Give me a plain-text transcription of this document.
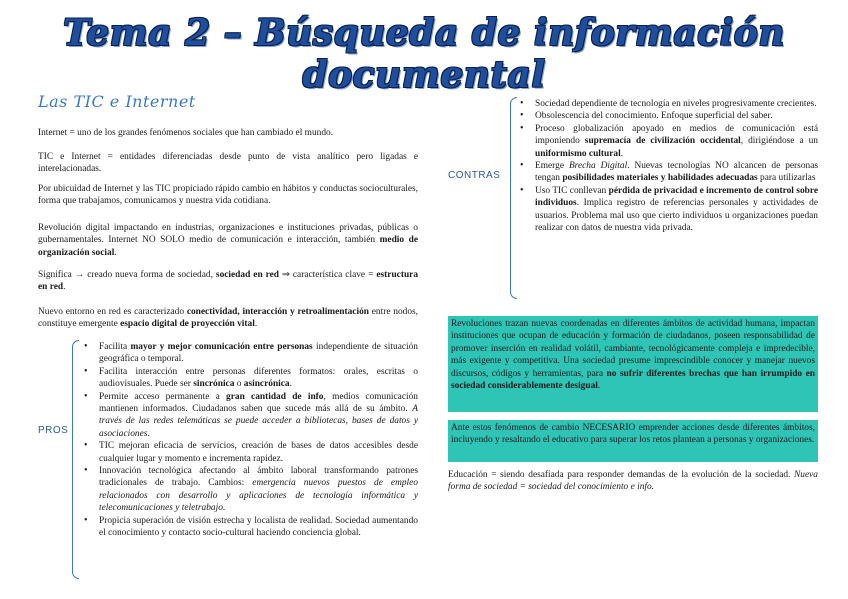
Tema 2 – Búsqueda de información documental
Las TIC e Internet

Internet = uno de los grandes fenómenos sociales que han cambiado el mundo.

TIC e Internet = entidades diferenciadas desde punto de vista analítico pero ligadas e interelacionadas.

Por ubicuidad de Internet y las TIC propiciado rápido cambio en hábitos y conductas socioculturales, forma que trabajamos, comunicamos y nuestra vida cotidiana.

Revolución digital impactando en industrias, organizaciones e instituciones privadas, públicas o gubernamentales. Internet NO SOLO medio de comunicación e interacción, también medio de organización social.

Significa → creado nueva forma de sociedad, sociedad en red ⇒ característica clave = estructura en red.

Nuevo entorno en red es caracterizado conectividad, interacción y retroalimentación entre nodos, constituye emergente espacio digital de proyección vital.

PROS
• Facilita mayor y mejor comunicación entre personas independiente de situación geográfica o temporal.
• Facilita interacción entre personas diferentes formatos: orales, escritas o audiovisuales. Puede ser sincrónica o asincrónica.
• Permite acceso permanente a gran cantidad de info, medios comunicación mantienen informados. Ciudadanos saben que sucede más allá de su ámbito. A través de las redes telemáticas se puede acceder a bibliotecas, bases de datos y asociaciones.
• TIC mejoran eficacia de servicios, creación de bases de datos accesibles desde cualquier lugar y momento e incrementa rapidez.
• Innovación tecnológica afectando al ámbito laboral transformando patrones tradicionales de trabajo. Cambios: emergencia nuevos puestos de empleo relacionados con desarrollo y aplicaciones de tecnología informática y telecomunicaciones y teletrabajo.
• Propicia superación de visión estrecha y localista de realidad. Sociedad aumentando el conocimiento y contacto socio-cultural haciendo conciencia global.
CONTRAS
• Sociedad dependiente de tecnología en niveles progresivamente crecientes.
• Obsolescencia del conocimiento. Enfoque superficial del saber.
• Proceso globalización apoyado en medios de comunicación está imponiendo supremacía de civilización occidental, dirigiéndose a un uniformismo cultural.
• Emerge Brecha Digital. Nuevas tecnologías NO alcancen de personas tengan posibilidades materiales y habilidades adecuadas para utilizarlas
• Uso TIC conllevan pérdida de privacidad e incremento de control sobre individuos. Implica registro de referencias personales y actividades de usuarios. Problema mal uso que cierto individuos u organizaciones puedan realizar con datos de nuestra vida privada.
Revoluciones trazan nuevas coordenadas en diferentes ámbitos de actividad humana, impactan instituciones que ocupan de educación y formación de ciudadanos, poseen responsabilidad de promover inserción en realidad volátil, cambiante, tecnológicamente compleja e impredecible, más exigente y competitiva. Una sociedad presume imprescindible conocer y manejar nuevos discursos, códigos y herramientas, para no sufrir diferentes brechas que han irrumpido en sociedad considerablemente desigual.
Ante estos fenómenos de cambio NECESARIO emprender acciones desde diferentes ámbitos, incluyendo y resaltando el educativo para superar los retos plantean a personas y organizaciones.

Educación = siendo desafiada para responder demandas de la evolución de la sociedad. Nueva forma de sociedad = sociedad del conocimiento e info.
